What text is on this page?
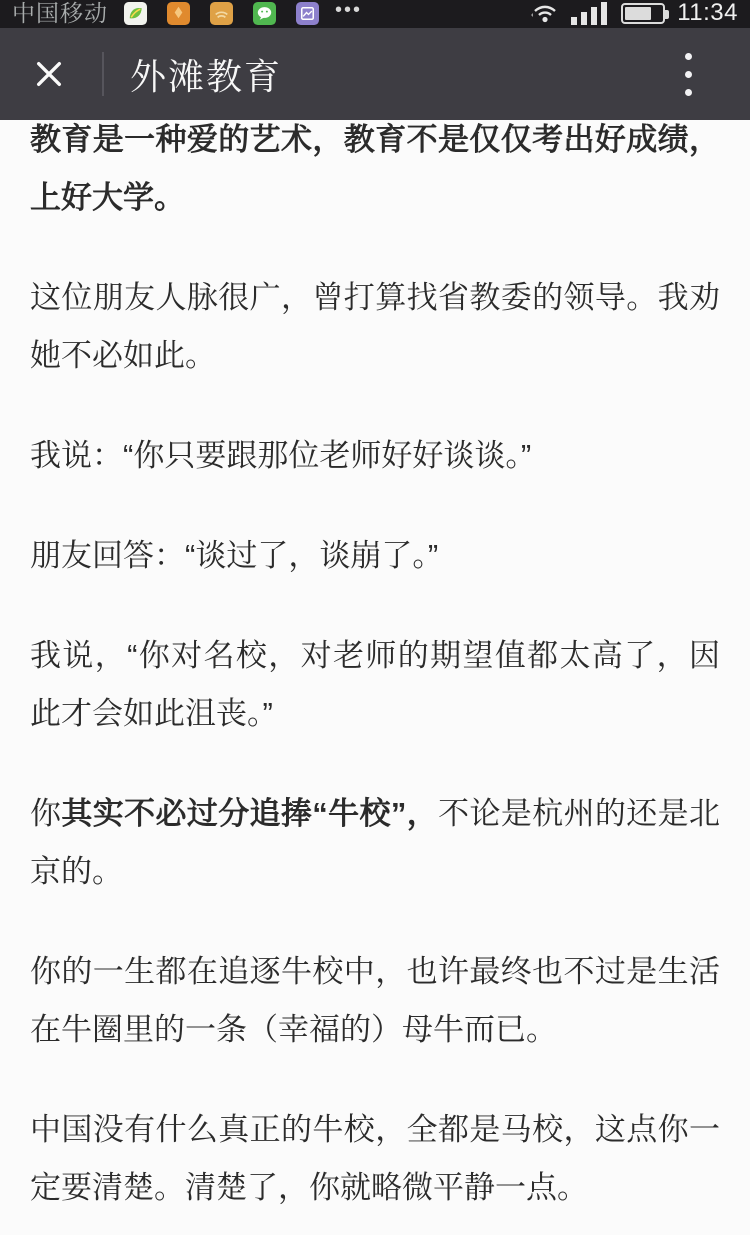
中国移动	•••	11:34
外滩教育

教育是一种爱的艺术，教育不是仅仅考出好成绩，上好大学。

这位朋友人脉很广，曾打算找省教委的领导。我劝她不必如此。

我说：“你只要跟那位老师好好谈谈。”

朋友回答：“谈过了，谈崩了。”

我说，“你对名校，对老师的期望值都太高了，因此才会如此沮丧。”

你其实不必过分追捧“牛校”，不论是杭州的还是北京的。

你的一生都在追逐牛校中，也许最终也不过是生活在牛圈里的一条（幸福的）母牛而已。

中国没有什么真正的牛校，全都是马校，这点你一定要清楚。清楚了，你就略微平静一点。
